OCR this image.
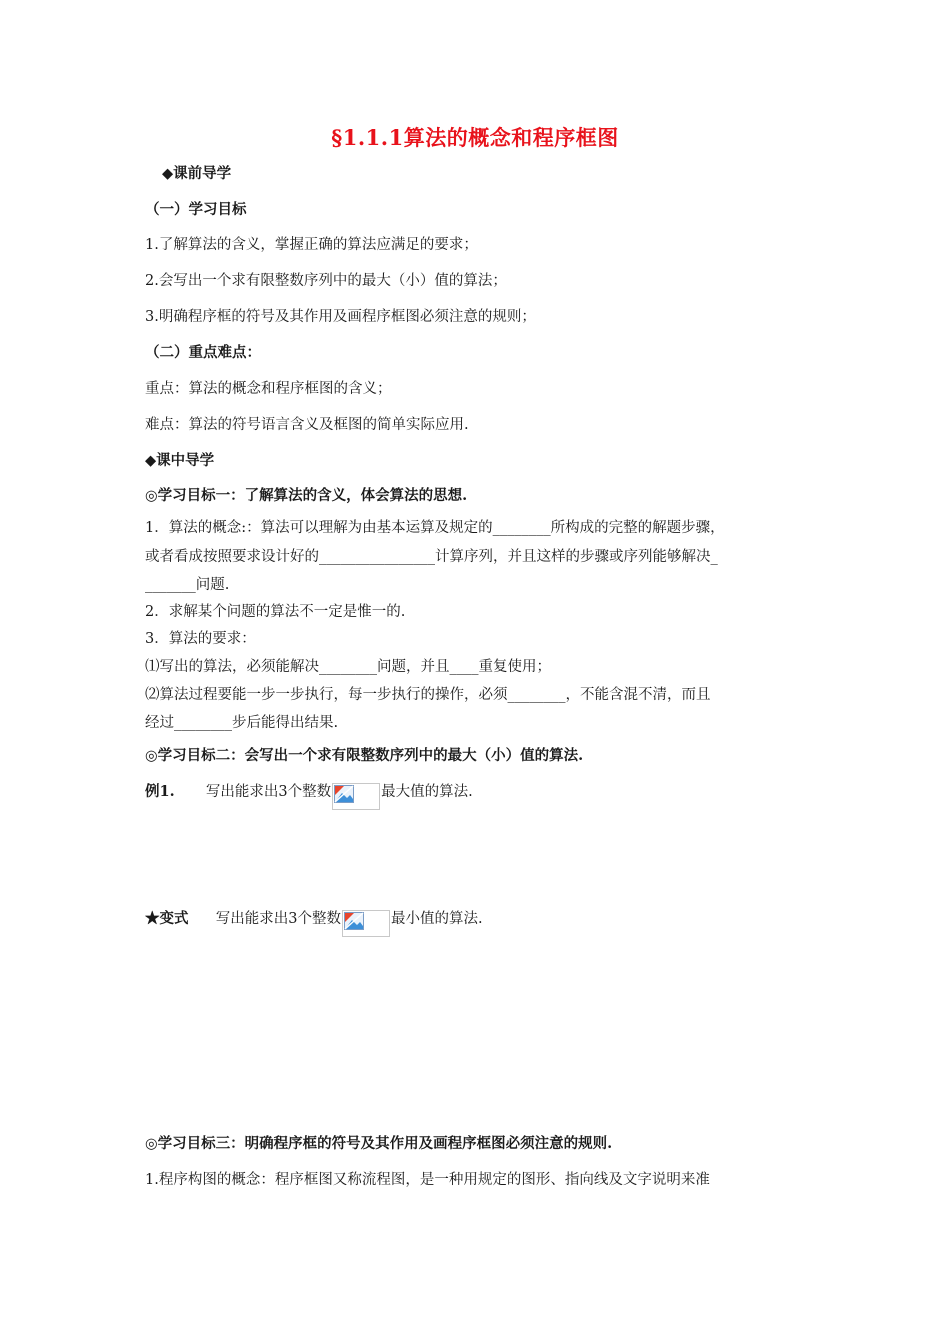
§1.1.1算法的概念和程序框图
◆课前导学
（一）学习目标
1.了解算法的含义，掌握正确的算法应满足的要求；
2.会写出一个求有限整数序列中的最大（小）值的算法；
3.明确程序框的符号及其作用及画程序框图必须注意的规则；
（二）重点难点：
重点：算法的概念和程序框图的含义；
难点：算法的符号语言含义及框图的简单实际应用.
◆课中导学
◎学习目标一：了解算法的含义，体会算法的思想.
1．算法的概念:：算法可以理解为由基本运算及规定的________所构成的完整的解题步骤，
或者看成按照要求设计好的________________计算序列，并且这样的步骤或序列能够解决_
_______问题.
2．求解某个问题的算法不一定是惟一的.
3．算法的要求：
⑴写出的算法，必须能解决________问题，并且____重复使用；
⑵算法过程要能一步一步执行，每一步执行的操作，必须________，不能含混不清，而且
经过________步后能得出结果.
◎学习目标二：会写出一个求有限整数序列中的最大（小）值的算法.
例1. 写出能求出3个整数	最大值的算法.
★变式 写出能求出3个整数	最小值的算法.
◎学习目标三：明确程序框的符号及其作用及画程序框图必须注意的规则.
1.程序构图的概念：程序框图又称流程图，是一种用规定的图形、指向线及文字说明来准
